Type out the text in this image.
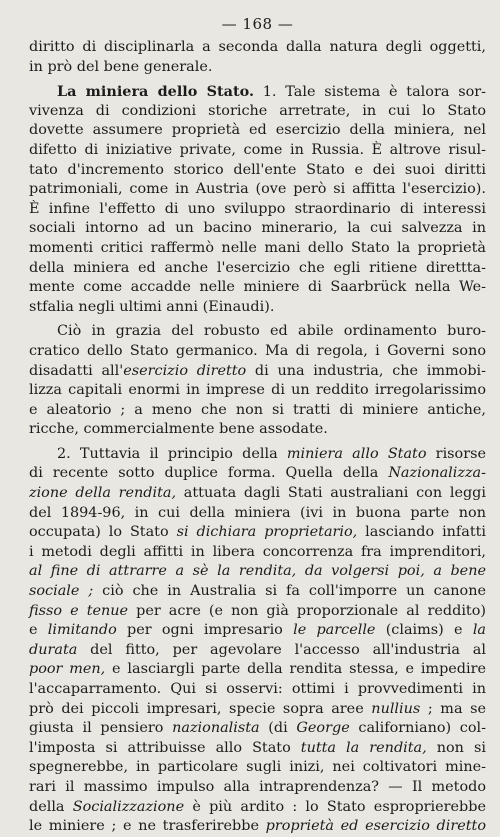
— 168 —
diritto di disciplinarla a seconda dalla natura degli oggetti,
in prò del bene generale.
La miniera dello Stato. 1. Tale sistema è talora sor-
vivenza di condizioni storiche arretrate, in cui lo Stato
dovette assumere proprietà ed esercizio della miniera, nel
difetto di iniziative private, come in Russia. È altrove risul-
tato d'incremento storico dell'ente Stato e dei suoi diritti
patrimoniali, come in Austria (ove però si affitta l'esercizio).
È infine l'effetto di uno sviluppo straordinario di interessi
sociali intorno ad un bacino minerario, la cui salvezza in
momenti critici raffermò nelle mani dello Stato la proprietà
della miniera ed anche l'esercizio che egli ritiene direttta-
mente come accadde nelle miniere di Saarbrück nella We-
stfalia negli ultimi anni (Einaudi).
Ciò in grazia del robusto ed abile ordinamento buro-
cratico dello Stato germanico. Ma di regola, i Governi sono
disadatti all'esercizio diretto di una industria, che immobi-
lizza capitali enormi in imprese di un reddito irregolarissimo
e aleatorio ; a meno che non si tratti di miniere antiche,
ricche, commercialmente bene assodate.
2. Tuttavia il principio della miniera allo Stato risorse
di recente sotto duplice forma. Quella della Nazionalizza-
zione della rendita, attuata dagli Stati australiani con leggi
del 1894-96, in cui della miniera (ivi in buona parte non
occupata) lo Stato si dichiara proprietario, lasciando infatti
i metodi degli affitti in libera concorrenza fra imprenditori,
al fine di attrarre a sè la rendita, da volgersi poi, a bene
sociale ; ciò che in Australia si fa coll'imporre un canone
fisso e tenue per acre (e non già proporzionale al reddito)
e limitando per ogni impresario le parcelle (claims) e la
durata del fitto, per agevolare l'accesso all'industria al
poor men, e lasciargli parte della rendita stessa, e impedire
l'accaparramento. Qui si osservi: ottimi i provvedimenti in
prò dei piccoli impresari, specie sopra aree nullius ; ma se
giusta il pensiero nazionalista (di George californiano) col-
l'imposta si attribuisse allo Stato tutta la rendita, non si
spegnerebbe, in particolare sugli inizi, nei coltivatori mine-
rari il massimo impulso alla intraprendenza? — Il metodo
della Socializzazione è più ardito : lo Stato esproprierebbe
le miniere ; e ne trasferirebbe proprietà ed esercizio diretto
